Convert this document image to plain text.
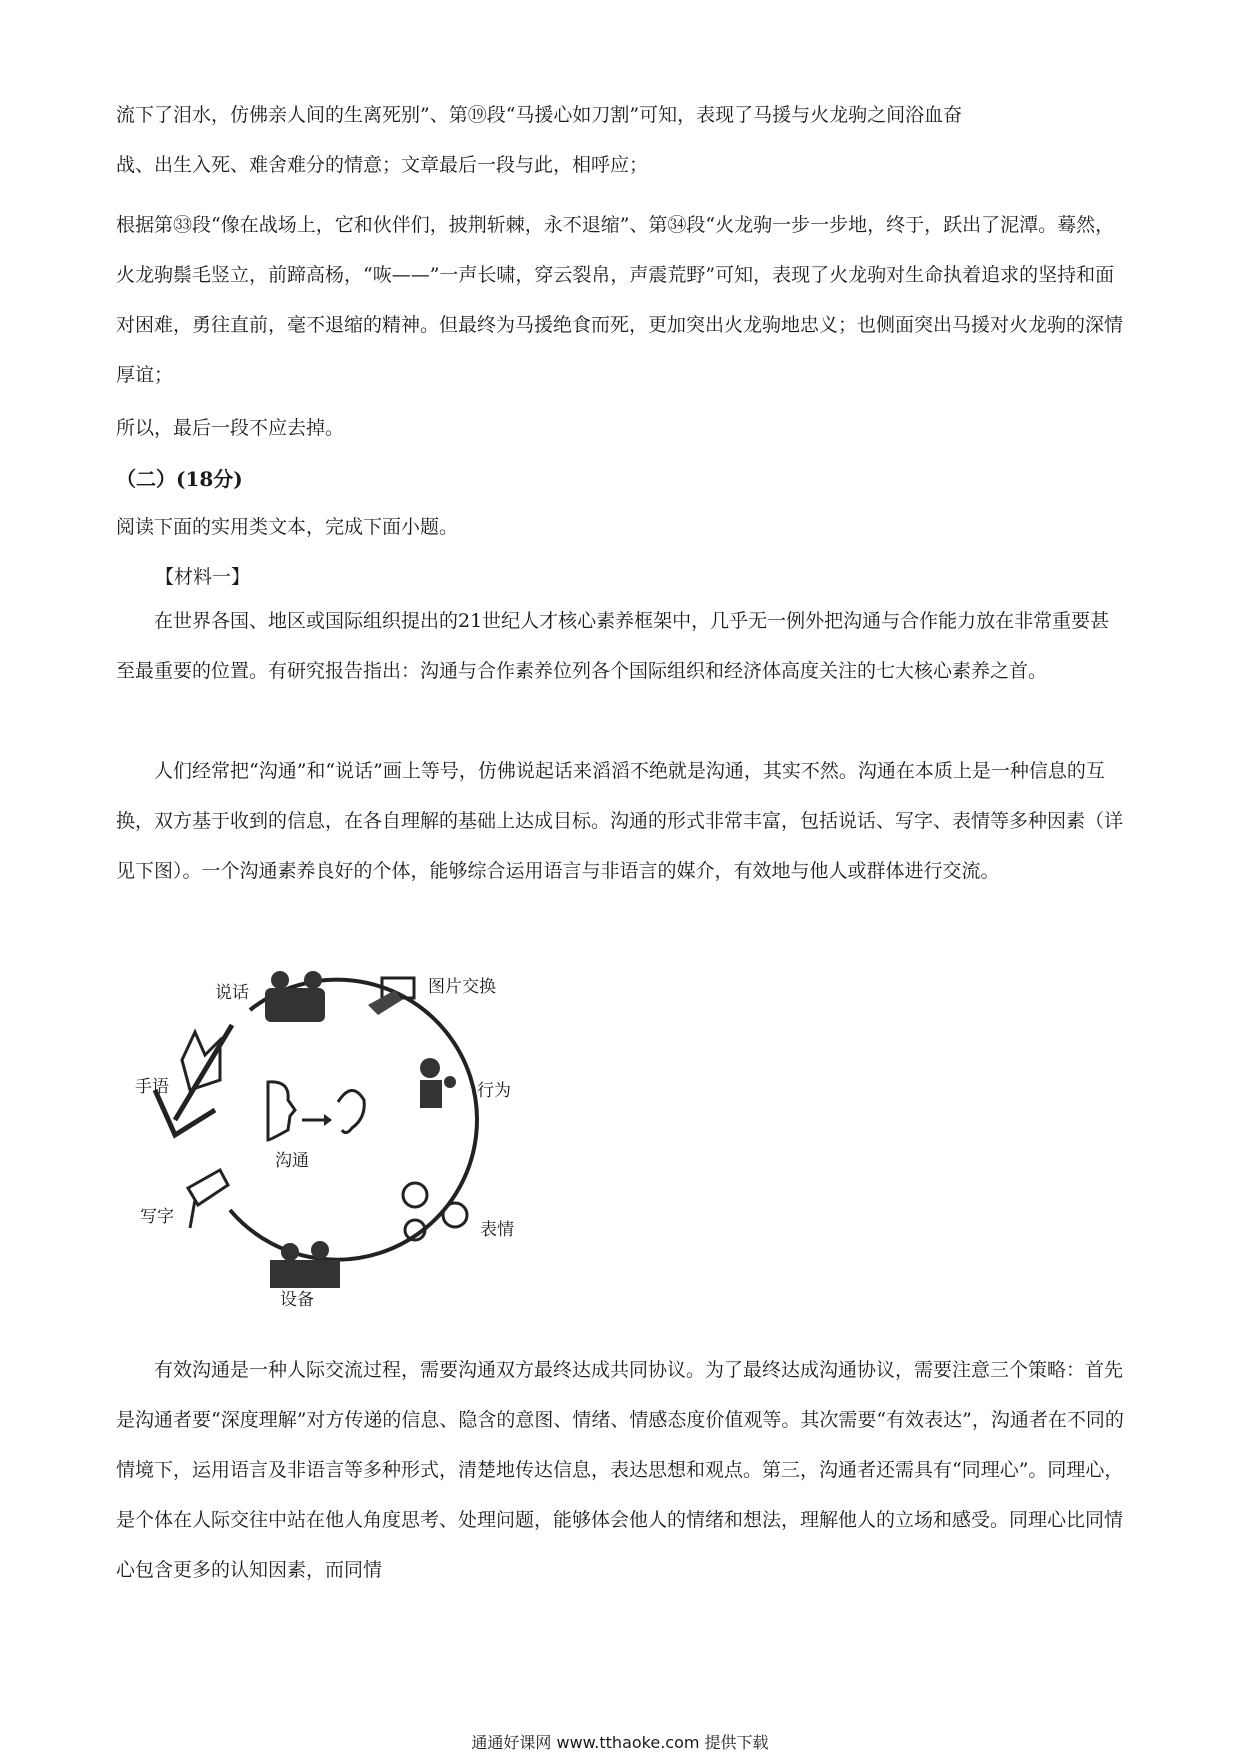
流下了泪水，仿佛亲人间的生离死别”、第⑲段“马援心如刀割”可知，表现了马援与火龙驹之间浴血奋

战、出生入死、难舍难分的情意；文章最后一段与此，相呼应；

根据第㉝段“像在战场上，它和伙伴们，披荆斩棘，永不退缩”、第㉞段“火龙驹一步一步地，终于，跃出了泥潭。蓦然，火龙驹鬃毛竖立，前蹄高杨，“咴——”一声长啸，穿云裂帛，声震荒野”可知，表现了火龙驹对生命执着追求的坚持和面对困难，勇往直前，毫不退缩的精神。但最终为马援绝食而死，更加突出火龙驹地忠义；也侧面突出马援对火龙驹的深情厚谊；

所以，最后一段不应去掉。

（二）(18分)

阅读下面的实用类文本，完成下面小题。

【材料一】

在世界各国、地区或国际组织提出的21世纪人才核心素养框架中，几乎无一例外把沟通与合作能力放在非常重要甚至最重要的位置。有研究报告指出：沟通与合作素养位列各个国际组织和经济体高度关注的七大核心素养之首。

人们经常把“沟通”和“说话”画上等号，仿佛说起话来滔滔不绝就是沟通，其实不然。沟通在本质上是一种信息的互换，双方基于收到的信息，在各自理解的基础上达成目标。沟通的形式非常丰富，包括说话、写字、表情等多种因素（详见下图）。一个沟通素养良好的个体，能够综合运用语言与非语言的媒介，有效地与他人或群体进行交流。

说话	图片交换
行为
表情
设备
写字
手语
沟通

有效沟通是一种人际交流过程，需要沟通双方最终达成共同协议。为了最终达成沟通协议，需要注意三个策略：首先是沟通者要“深度理解”对方传递的信息、隐含的意图、情绪、情感态度价值观等。其次需要“有效表达”，沟通者在不同的情境下，运用语言及非语言等多种形式，清楚地传达信息，表达思想和观点。第三，沟通者还需具有“同理心”。同理心，是个体在人际交往中站在他人角度思考、处理问题，能够体会他人的情绪和想法，理解他人的立场和感受。同理心比同情心包含更多的认知因素，而同情

通通好课网 www.tthaoke.com 提供下载
